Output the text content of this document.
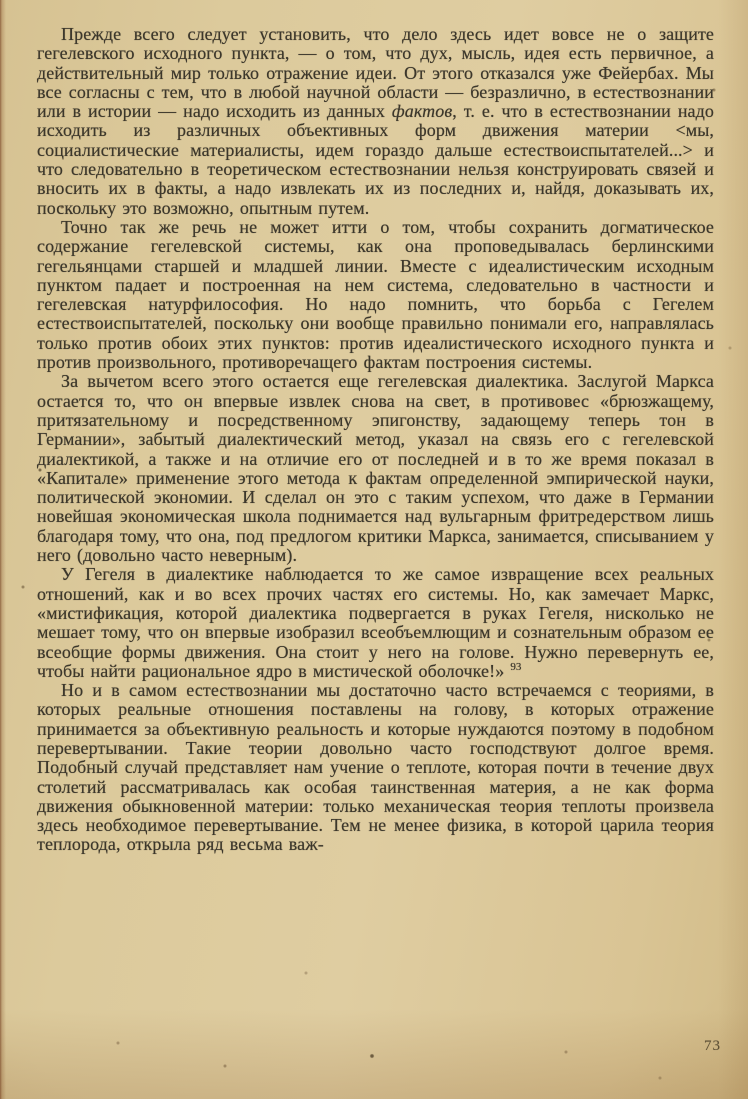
Прежде всего следует установить, что дело здесь идет вовсе не о защите гегелевского исходного пункта, — о том, что дух, мысль, идея есть первичное, а действительный мир только отражение идеи. От этого отказался уже Фейербах. Мы все согласны с тем, что в любой научной области — безразлично, в естествознании или в истории — надо исходить из данных фактов, т. е. что в естествознании надо исходить из различных объективных форм движения материи <мы, социалистические материалисты, идем гораздо дальше естествоиспытателей...> и что следовательно в теоретическом естествознании нельзя конструировать связей и вносить их в факты, а надо извлекать их из последних и, найдя, доказывать их, поскольку это возможно, опытным путем.

Точно так же речь не может итти о том, чтобы сохранить догматическое содержание гегелевской системы, как она проповедывалась берлинскими гегельянцами старшей и младшей линии. Вместе с идеалистическим исходным пунктом падает и построенная на нем система, следовательно в частности и гегелевская натурфилософия. Но надо помнить, что борьба с Гегелем естествоиспытателей, поскольку они вообще правильно понимали его, направлялась только против обоих этих пунктов: против идеалистического исходного пункта и против произвольного, противоречащего фактам построения системы.

За вычетом всего этого остается еще гегелевская диалектика. Заслугой Маркса остается то, что он впервые извлек снова на свет, в противовес «брюзжащему, притязательному и посредственному эпигонству, задающему теперь тон в Германии», забытый диалектический метод, указал на связь его с гегелевской диалектикой, а также и на отличие его от последней и в то же время показал в «Капитале» применение этого метода к фактам определенной эмпирической науки, политической экономии. И сделал он это с таким успехом, что даже в Германии новейшая экономическая школа поднимается над вульгарным фритредерством лишь благодаря тому, что она, под предлогом критики Маркса, занимается, списыванием у него (довольно часто неверным).

У Гегеля в диалектике наблюдается то же самое извращение всех реальных отношений, как и во всех прочих частях его системы. Но, как замечает Маркс, «мистификация, которой диалектика подвергается в руках Гегеля, нисколько не мешает тому, что он впервые изобразил всеобъемлющим и сознательным образом ее всеобщие формы движения. Она стоит у него на голове. Нужно перевернуть ее, чтобы найти рациональное ядро в мистической оболочке!» $^{93}$

Но и в самом естествознании мы достаточно часто встречаемся с теориями, в которых реальные отношения поставлены на голову, в которых отражение принимается за объективную реальность и которые нуждаются поэтому в подобном перевертывании. Такие теории довольно часто господствуют долгое время. Подобный случай представляет нам учение о теплоте, которая почти в течение двух столетий рассматривалась как особая таинственная материя, а не как форма движения обыкновенной материи: только механическая теория теплоты произвела здесь необходимое перевертывание. Тем не менее физика, в которой царила теория теплорода, открыла ряд весьма важ-

73
